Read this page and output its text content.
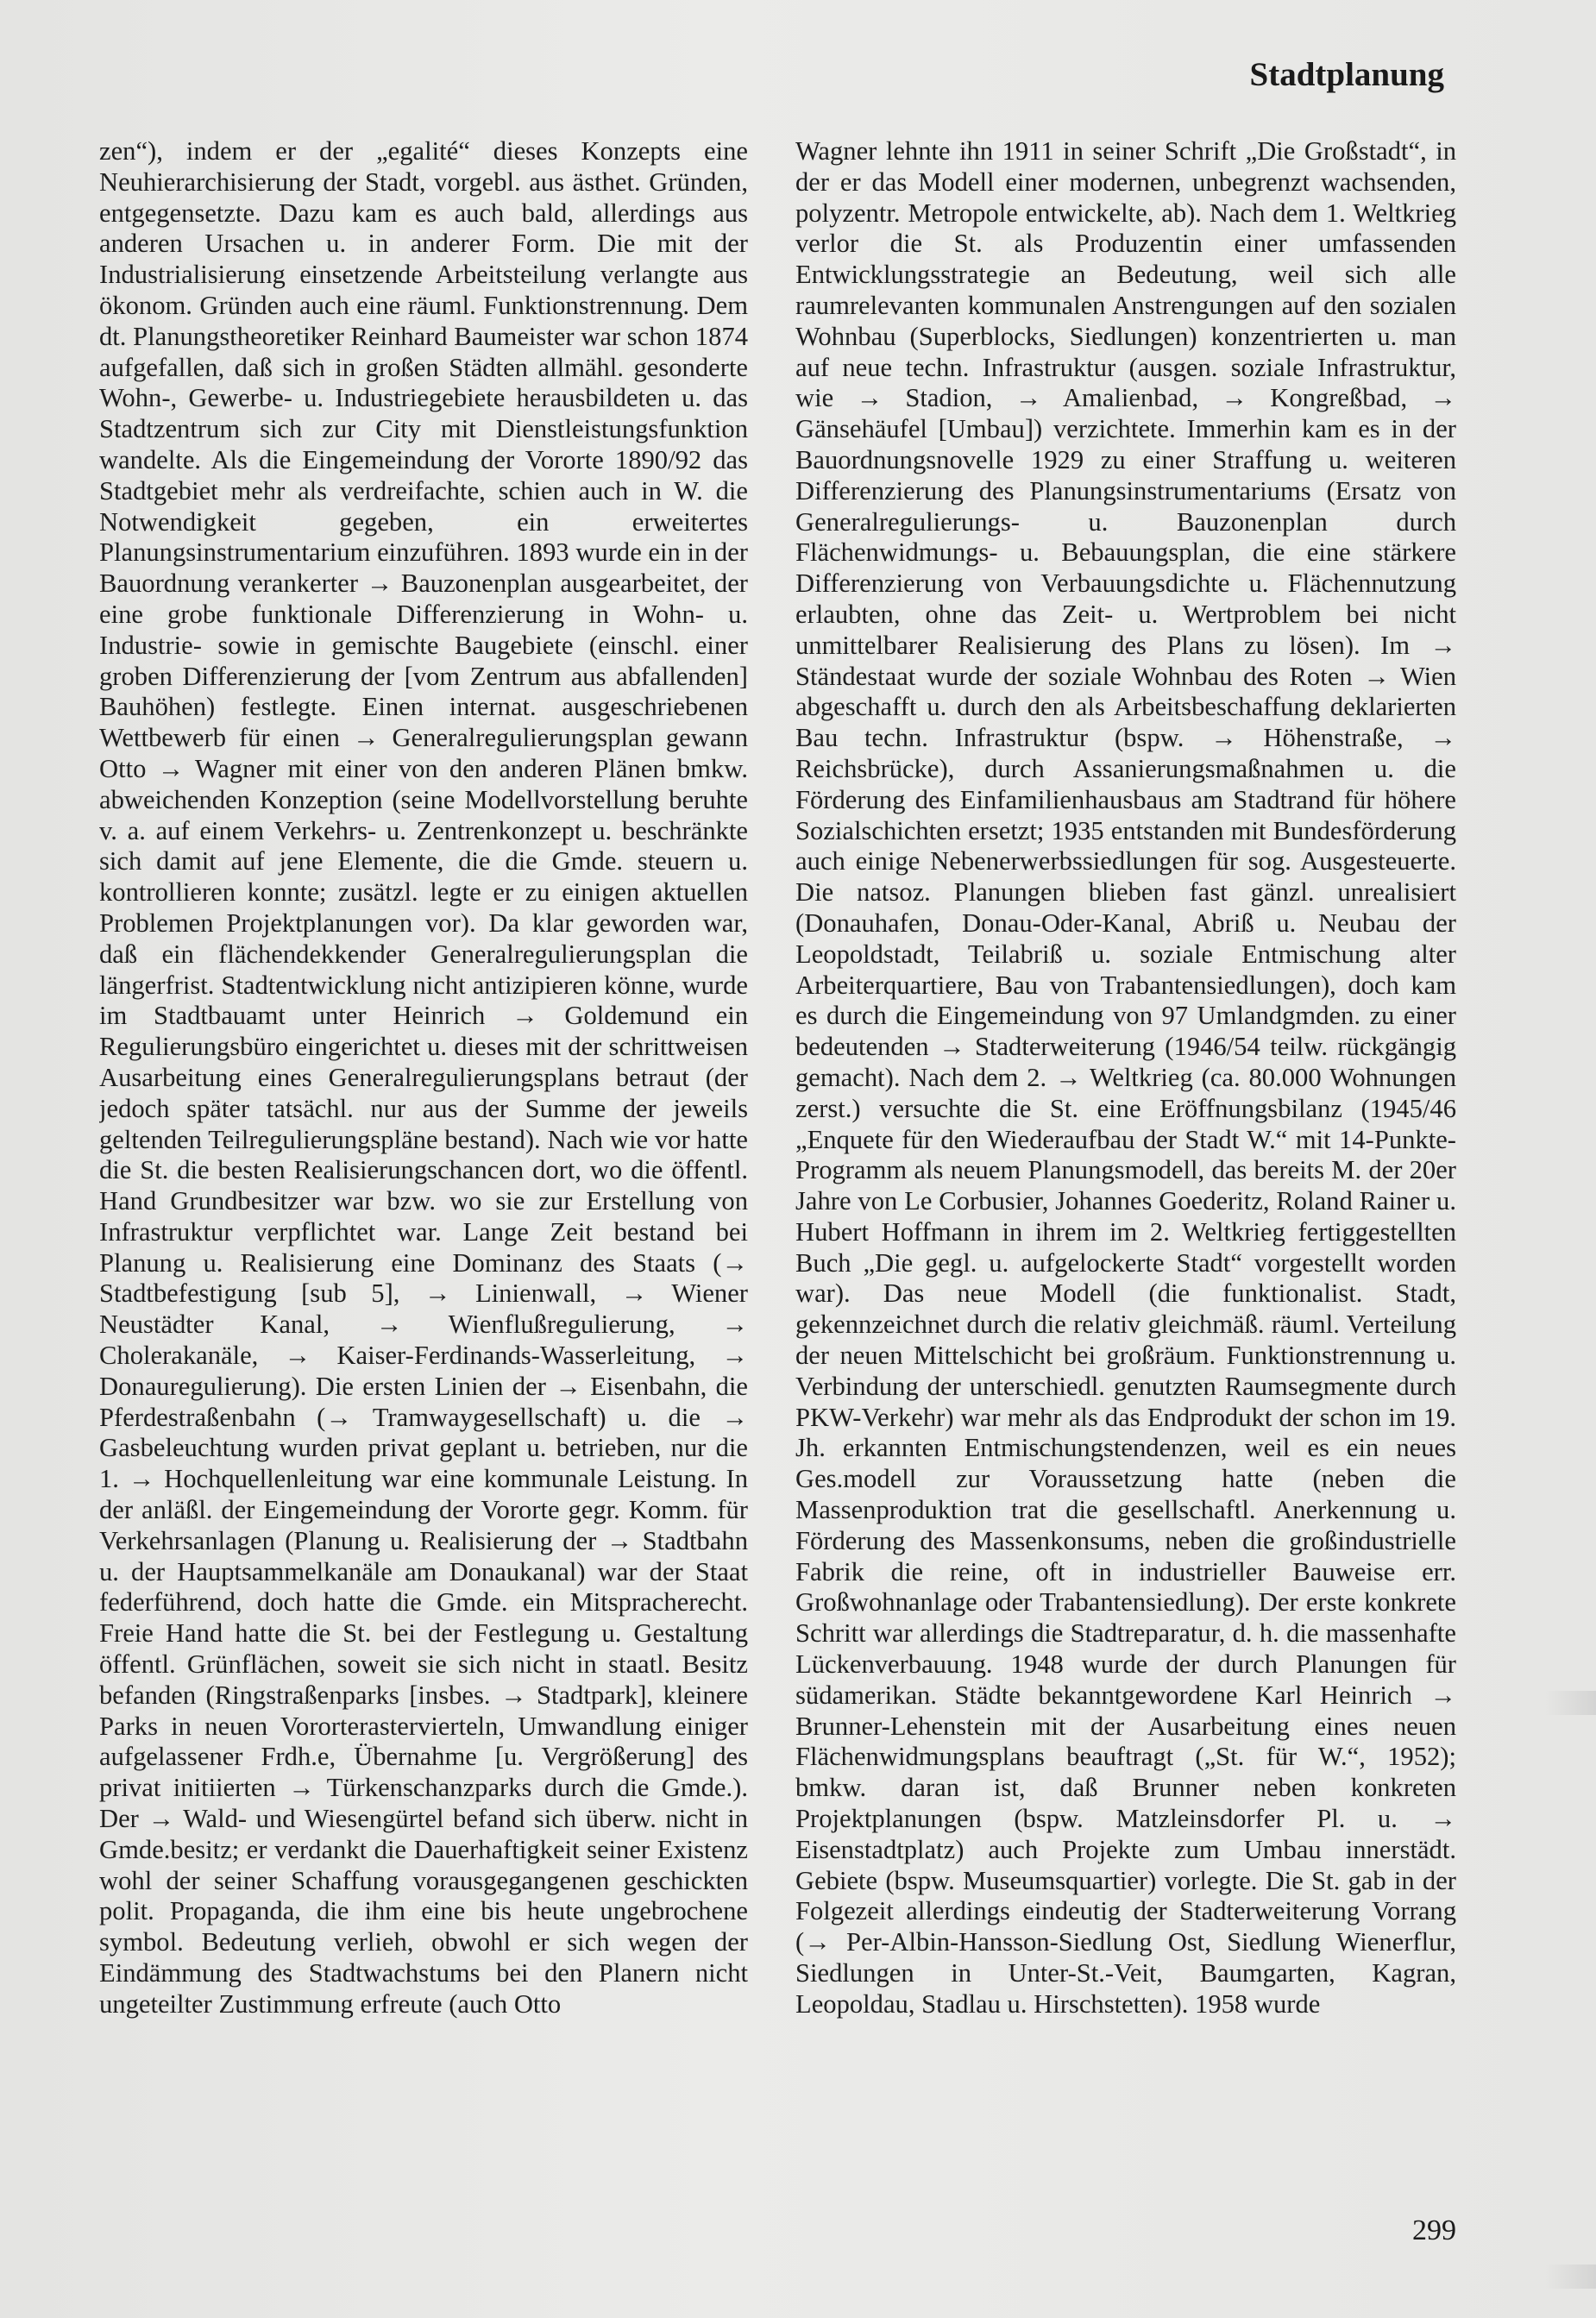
Stadtplanung

zen“), indem er der „egalité“ dieses Konzepts eine Neuhierarchisierung der Stadt, vorgebl. aus ästhet. Gründen, entgegensetzte. Dazu kam es auch bald, allerdings aus anderen Ursachen u. in anderer Form. Die mit der Industrialisierung einsetzende Arbeitsteilung verlangte aus ökonom. Gründen auch eine räuml. Funktionstrennung. Dem dt. Planungstheoretiker Reinhard Baumeister war schon 1874 aufgefallen, daß sich in großen Städten allmähl. gesonderte Wohn-, Gewerbe- u. Industriegebiete herausbildeten u. das Stadtzentrum sich zur City mit Dienstleistungsfunktion wandelte. Als die Eingemeindung der Vororte 1890/92 das Stadtgebiet mehr als verdreifachte, schien auch in W. die Notwendigkeit gegeben, ein erweitertes Planungsinstrumentarium einzuführen. 1893 wurde ein in der Bauordnung verankerter → Bauzonenplan ausgearbeitet, der eine grobe funktionale Differenzierung in Wohn- u. Industrie- sowie in gemischte Baugebiete (einschl. einer groben Differenzierung der [vom Zentrum aus abfallenden] Bauhöhen) festlegte. Einen internat. ausgeschriebenen Wettbewerb für einen → Generalregulierungsplan gewann Otto → Wagner mit einer von den anderen Plänen bmkw. abweichenden Konzeption (seine Modellvorstellung beruhte v. a. auf einem Verkehrs- u. Zentrenkonzept u. beschränkte sich damit auf jene Elemente, die die Gmde. steuern u. kontrollieren konnte; zusätzl. legte er zu einigen aktuellen Problemen Projektplanungen vor). Da klar geworden war, daß ein flächendekkender Generalregulierungsplan die längerfrist. Stadtentwicklung nicht antizipieren könne, wurde im Stadtbauamt unter Heinrich → Goldemund ein Regulierungsbüro eingerichtet u. dieses mit der schrittweisen Ausarbeitung eines Generalregulierungsplans betraut (der jedoch später tatsächl. nur aus der Summe der jeweils geltenden Teilregulierungspläne bestand). Nach wie vor hatte die St. die besten Realisierungschancen dort, wo die öffentl. Hand Grundbesitzer war bzw. wo sie zur Erstellung von Infrastruktur verpflichtet war. Lange Zeit bestand bei Planung u. Realisierung eine Dominanz des Staats (→ Stadtbefestigung [sub 5], → Linienwall, → Wiener Neustädter Kanal, → Wienflußregulierung, → Cholerakanäle, → Kaiser-Ferdinands-Wasserleitung, → Donauregulierung). Die ersten Linien der → Eisenbahn, die Pferdestraßenbahn (→ Tramwaygesellschaft) u. die → Gasbeleuchtung wurden privat geplant u. betrieben, nur die 1. → Hochquellenleitung war eine kommunale Leistung. In der anläßl. der Eingemeindung der Vororte gegr. Komm. für Verkehrsanlagen (Planung u. Realisierung der → Stadtbahn u. der Hauptsammelkanäle am Donaukanal) war der Staat federführend, doch hatte die Gmde. ein Mitspracherecht. Freie Hand hatte die St. bei der Festlegung u. Gestaltung öffentl. Grünflächen, soweit sie sich nicht in staatl. Besitz befanden (Ringstraßenparks [insbes. → Stadtpark], kleinere Parks in neuen Vororterastervierteln, Umwandlung einiger aufgelassener Frdh.e, Übernahme [u. Vergrößerung] des privat initiierten → Türkenschanzparks durch die Gmde.). Der → Wald- und Wiesengürtel befand sich überw. nicht in Gmde.besitz; er verdankt die Dauerhaftigkeit seiner Existenz wohl der seiner Schaffung vorausgegangenen geschickten polit. Propaganda, die ihm eine bis heute ungebrochene symbol. Bedeutung verlieh, obwohl er sich wegen der Eindämmung des Stadtwachstums bei den Planern nicht ungeteilter Zustimmung erfreute (auch Otto

Wagner lehnte ihn 1911 in seiner Schrift „Die Großstadt“, in der er das Modell einer modernen, unbegrenzt wachsenden, polyzentr. Metropole entwickelte, ab). Nach dem 1. Weltkrieg verlor die St. als Produzentin einer umfassenden Entwicklungsstrategie an Bedeutung, weil sich alle raumrelevanten kommunalen Anstrengungen auf den sozialen Wohnbau (Superblocks, Siedlungen) konzentrierten u. man auf neue techn. Infrastruktur (ausgen. soziale Infrastruktur, wie → Stadion, → Amalienbad, → Kongreßbad, → Gänsehäufel [Umbau]) verzichtete. Immerhin kam es in der Bauordnungsnovelle 1929 zu einer Straffung u. weiteren Differenzierung des Planungsinstrumentariums (Ersatz von Generalregulierungs- u. Bauzonenplan durch Flächenwidmungs- u. Bebauungsplan, die eine stärkere Differenzierung von Verbauungsdichte u. Flächennutzung erlaubten, ohne das Zeit- u. Wertproblem bei nicht unmittelbarer Realisierung des Plans zu lösen). Im → Ständestaat wurde der soziale Wohnbau des Roten → Wien abgeschafft u. durch den als Arbeitsbeschaffung deklarierten Bau techn. Infrastruktur (bspw. → Höhenstraße, → Reichsbrücke), durch Assanierungsmaßnahmen u. die Förderung des Einfamilienhausbaus am Stadtrand für höhere Sozialschichten ersetzt; 1935 entstanden mit Bundesförderung auch einige Nebenerwerbssiedlungen für sog. Ausgesteuerte. Die natsoz. Planungen blieben fast gänzl. unrealisiert (Donauhafen, Donau-Oder-Kanal, Abriß u. Neubau der Leopoldstadt, Teilabriß u. soziale Entmischung alter Arbeiterquartiere, Bau von Trabantensiedlungen), doch kam es durch die Eingemeindung von 97 Umlandgmden. zu einer bedeutenden → Stadterweiterung (1946/54 teilw. rückgängig gemacht). Nach dem 2. → Weltkrieg (ca. 80.000 Wohnungen zerst.) versuchte die St. eine Eröffnungsbilanz (1945/46 „Enquete für den Wiederaufbau der Stadt W.“ mit 14-Punkte-Programm als neuem Planungsmodell, das bereits M. der 20er Jahre von Le Corbusier, Johannes Goederitz, Roland Rainer u. Hubert Hoffmann in ihrem im 2. Weltkrieg fertiggestellten Buch „Die gegl. u. aufgelockerte Stadt“ vorgestellt worden war). Das neue Modell (die funktionalist. Stadt, gekennzeichnet durch die relativ gleichmäß. räuml. Verteilung der neuen Mittelschicht bei großräum. Funktionstrennung u. Verbindung der unterschiedl. genutzten Raumsegmente durch PKW-Verkehr) war mehr als das Endprodukt der schon im 19. Jh. erkannten Entmischungstendenzen, weil es ein neues Ges.modell zur Voraussetzung hatte (neben die Massenproduktion trat die gesellschaftl. Anerkennung u. Förderung des Massenkonsums, neben die großindustrielle Fabrik die reine, oft in industrieller Bauweise err. Großwohnanlage oder Trabantensiedlung). Der erste konkrete Schritt war allerdings die Stadtreparatur, d. h. die massenhafte Lückenverbauung. 1948 wurde der durch Planungen für südamerikan. Städte bekanntgewordene Karl Heinrich → Brunner-Lehenstein mit der Ausarbeitung eines neuen Flächenwidmungsplans beauftragt („St. für W.“, 1952); bmkw. daran ist, daß Brunner neben konkreten Projektplanungen (bspw. Matzleinsdorfer Pl. u. → Eisenstadtplatz) auch Projekte zum Umbau innerstädt. Gebiete (bspw. Museumsquartier) vorlegte. Die St. gab in der Folgezeit allerdings eindeutig der Stadterweiterung Vorrang (→ Per-Albin-Hansson-Siedlung Ost, Siedlung Wienerflur, Siedlungen in Unter-St.-Veit, Baumgarten, Kagran, Leopoldau, Stadlau u. Hirschstetten). 1958 wurde

299
